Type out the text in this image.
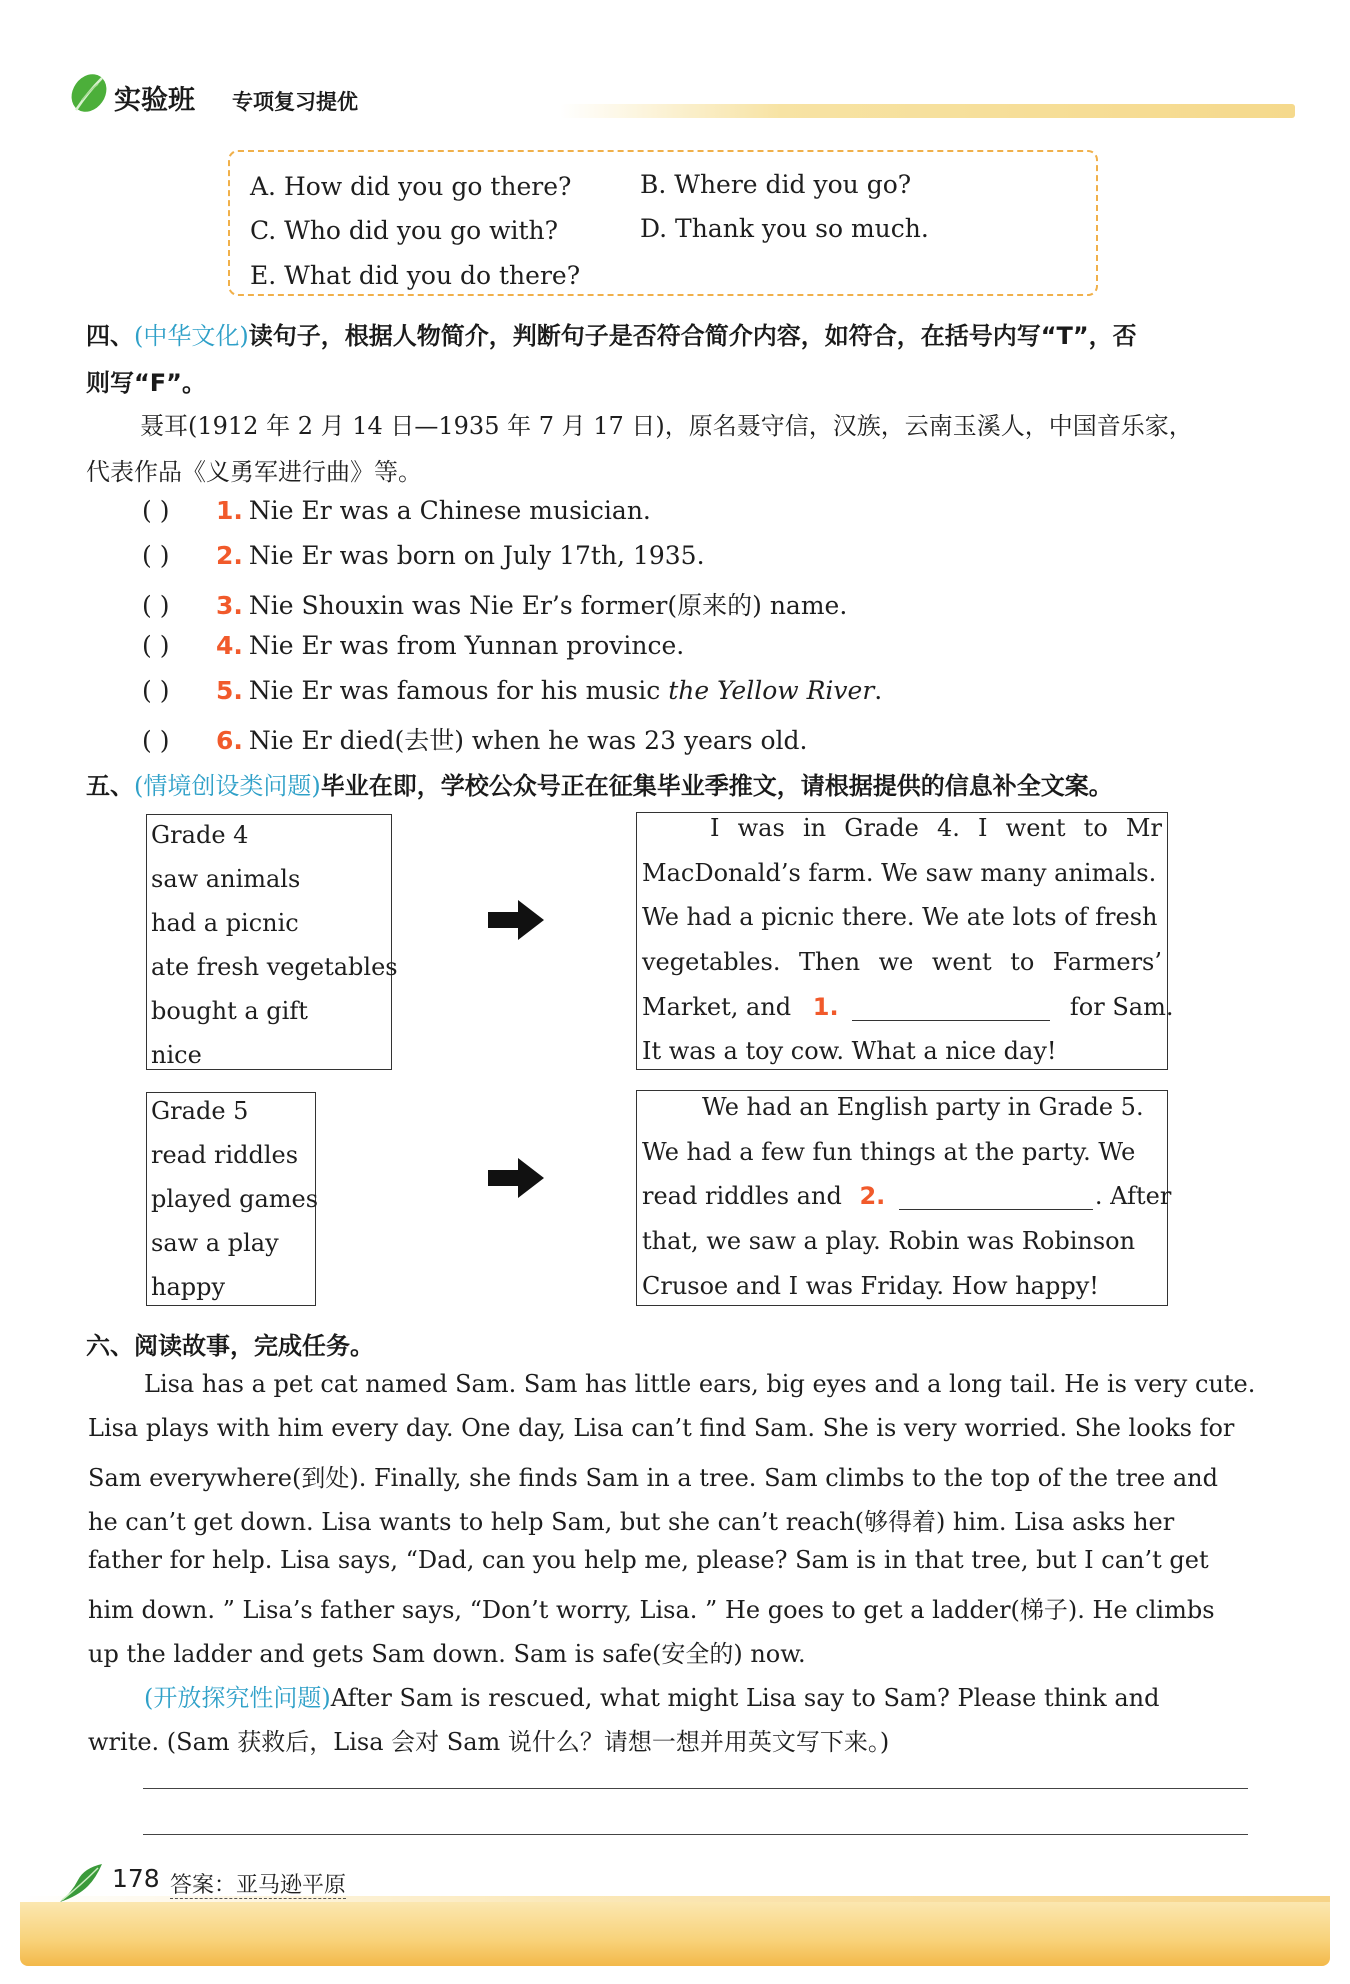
实验班 专项复习提优
A. How did you go there?	B. Where did you go?
C. Who did you go with?	D. Thank you so much.
E. What did you do there?
四、(中华文化)读句子，根据人物简介，判断句子是否符合简介内容，如符合，在括号内写“T”，否
则写“F”。
聂耳(1912 年 2 月 14 日—1935 年 7 月 17 日)，原名聂守信，汉族，云南玉溪人，中国音乐家，
代表作品《义勇军进行曲》等。
( ) 1. Nie Er was a Chinese musician.
( ) 2. Nie Er was born on July 17th, 1935.
( ) 3. Nie Shouxin was Nie Er’s former(原来的) name.
( ) 4. Nie Er was from Yunnan province.
( ) 5. Nie Er was famous for his music the Yellow River.
( ) 6. Nie Er died(去世) when he was 23 years old.
五、(情境创设类问题)毕业在即，学校公众号正在征集毕业季推文，请根据提供的信息补全文案。
Grade 4
saw animals
had a picnic
ate fresh vegetables
bought a gift
nice
I was in Grade 4. I went to Mr
MacDonald’s farm. We saw many animals.
We had a picnic there. We ate lots of fresh
vegetables. Then we went to Farmers’
Market, and 1.	for Sam.
It was a toy cow. What a nice day!
Grade 5
read riddles
played games
saw a play
happy
We had an English party in Grade 5.
We had a few fun things at the party. We
read riddles and 2.	. After
that, we saw a play. Robin was Robinson
Crusoe and I was Friday. How happy!
六、阅读故事，完成任务。
Lisa has a pet cat named Sam. Sam has little ears, big eyes and a long tail. He is very cute.
Lisa plays with him every day. One day, Lisa can’t find Sam. She is very worried. She looks for
Sam everywhere(到处). Finally, she finds Sam in a tree. Sam climbs to the top of the tree and
he can’t get down. Lisa wants to help Sam, but she can’t reach(够得着) him. Lisa asks her
father for help. Lisa says, “Dad, can you help me, please? Sam is in that tree, but I can’t get
him down. ” Lisa’s father says, “Don’t worry, Lisa. ” He goes to get a ladder(梯子). He climbs
up the ladder and gets Sam down. Sam is safe(安全的) now.
(开放探究性问题)After Sam is rescued, what might Lisa say to Sam? Please think and
write. (Sam 获救后，Lisa 会对 Sam 说什么？请想一想并用英文写下来。)
178 答案：亚马逊平原
